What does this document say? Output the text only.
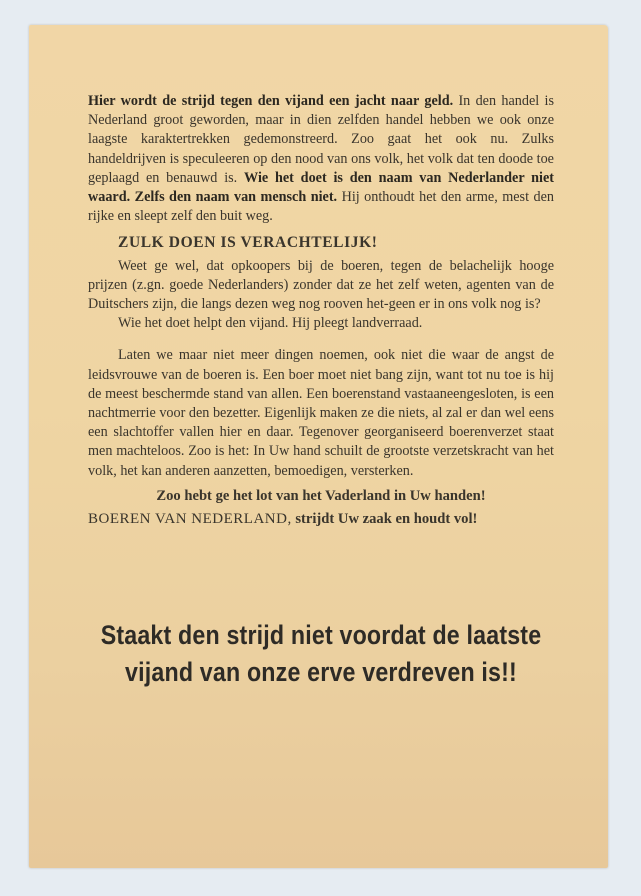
Hier wordt de strijd tegen den vijand een jacht naar geld. In den handel is Nederland groot geworden, maar in dien zelfden handel hebben we ook onze laagste karaktertrekken gedemonstreerd. Zoo gaat het ook nu. Zulks handeldrijven is speculeeren op den nood van ons volk, het volk dat ten doode toe geplaagd en benauwd is. Wie het doet is den naam van Nederlander niet waard. Zelfs den naam van mensch niet. Hij onthoudt het den arme, mest den rijke en sleept zelf den buit weg.

ZULK DOEN IS VERACHTELIJK!

Weet ge wel, dat opkoopers bij de boeren, tegen de belachelijk hooge prijzen (z.gn. goede Nederlanders) zonder dat ze het zelf weten, agenten van de Duitschers zijn, die langs dezen weg nog rooven het-geen er in ons volk nog is?

Wie het doet helpt den vijand. Hij pleegt landverraad.

Laten we maar niet meer dingen noemen, ook niet die waar de angst de leidsvrouwe van de boeren is. Een boer moet niet bang zijn, want tot nu toe is hij de meest beschermde stand van allen. Een boerenstand vastaaneengesloten, is een nachtmerrie voor den bezetter. Eigenlijk maken ze die niets, al zal er dan wel eens een slachtoffer vallen hier en daar. Tegenover georganiseerd boerenverzet staat men machteloos. Zoo is het: In Uw hand schuilt de grootste verzetskracht van het volk, het kan anderen aanzetten, bemoedigen, versterken.

Zoo hebt ge het lot van het Vaderland in Uw handen!

BOEREN VAN NEDERLAND, strijdt Uw zaak en houdt vol!

Staakt den strijd niet voordat de laatste
vijand van onze erve verdreven is!!
